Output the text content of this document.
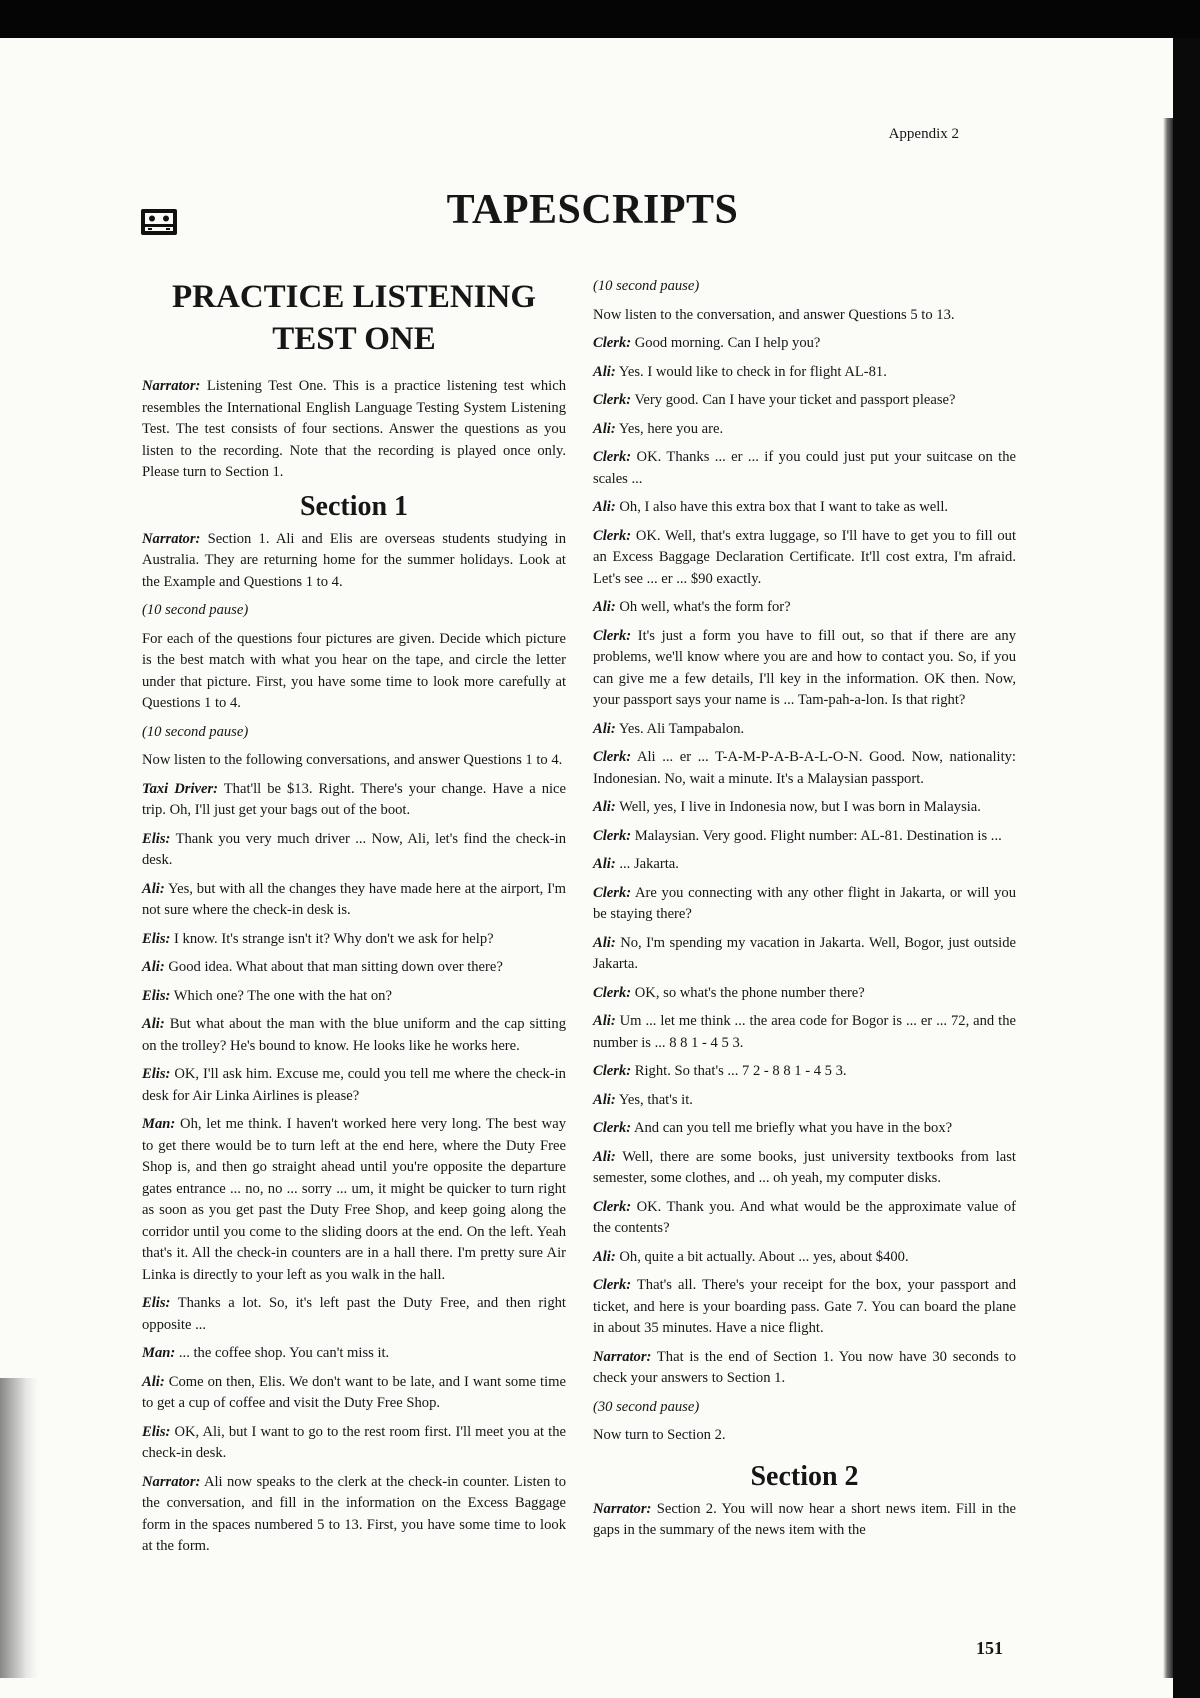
Appendix 2
TAPESCRIPTS
PRACTICE LISTENING
TEST ONE

Narrator: Listening Test One. This is a practice listening test which resembles the International English Language Testing System Listening Test. The test consists of four sections. Answer the questions as you listen to the recording. Note that the recording is played once only. Please turn to Section 1.

Section 1

Narrator: Section 1. Ali and Elis are overseas students studying in Australia. They are returning home for the summer holidays. Look at the Example and Questions 1 to 4.

(10 second pause)

For each of the questions four pictures are given. Decide which picture is the best match with what you hear on the tape, and circle the letter under that picture. First, you have some time to look more carefully at Questions 1 to 4.

(10 second pause)

Now listen to the following conversations, and answer Questions 1 to 4.

Taxi Driver: That'll be $13. Right. There's your change. Have a nice trip. Oh, I'll just get your bags out of the boot.

Elis: Thank you very much driver ... Now, Ali, let's find the check-in desk.

Ali: Yes, but with all the changes they have made here at the airport, I'm not sure where the check-in desk is.

Elis: I know. It's strange isn't it? Why don't we ask for help?

Ali: Good idea. What about that man sitting down over there?

Elis: Which one? The one with the hat on?

Ali: But what about the man with the blue uniform and the cap sitting on the trolley? He's bound to know. He looks like he works here.

Elis: OK, I'll ask him. Excuse me, could you tell me where the check-in desk for Air Linka Airlines is please?

Man: Oh, let me think. I haven't worked here very long. The best way to get there would be to turn left at the end here, where the Duty Free Shop is, and then go straight ahead until you're opposite the departure gates entrance ... no, no ... sorry ... um, it might be quicker to turn right as soon as you get past the Duty Free Shop, and keep going along the corridor until you come to the sliding doors at the end. On the left. Yeah that's it. All the check-in counters are in a hall there. I'm pretty sure Air Linka is directly to your left as you walk in the hall.

Elis: Thanks a lot. So, it's left past the Duty Free, and then right opposite ...

Man: ... the coffee shop. You can't miss it.

Ali: Come on then, Elis. We don't want to be late, and I want some time to get a cup of coffee and visit the Duty Free Shop.

Elis: OK, Ali, but I want to go to the rest room first. I'll meet you at the check-in desk.

Narrator: Ali now speaks to the clerk at the check-in counter. Listen to the conversation, and fill in the information on the Excess Baggage form in the spaces numbered 5 to 13. First, you have some time to look at the form.

(10 second pause)

Now listen to the conversation, and answer Questions 5 to 13.

Clerk: Good morning. Can I help you?

Ali: Yes. I would like to check in for flight AL-81.

Clerk: Very good. Can I have your ticket and passport please?

Ali: Yes, here you are.

Clerk: OK. Thanks ... er ... if you could just put your suitcase on the scales ...

Ali: Oh, I also have this extra box that I want to take as well.

Clerk: OK. Well, that's extra luggage, so I'll have to get you to fill out an Excess Baggage Declaration Certificate. It'll cost extra, I'm afraid. Let's see ... er ... $90 exactly.

Ali: Oh well, what's the form for?

Clerk: It's just a form you have to fill out, so that if there are any problems, we'll know where you are and how to contact you. So, if you can give me a few details, I'll key in the information. OK then. Now, your passport says your name is ... Tam-pah-a-lon. Is that right?

Ali: Yes. Ali Tampabalon.

Clerk: Ali ... er ... T-A-M-P-A-B-A-L-O-N. Good. Now, nationality: Indonesian. No, wait a minute. It's a Malaysian passport.

Ali: Well, yes, I live in Indonesia now, but I was born in Malaysia.

Clerk: Malaysian. Very good. Flight number: AL-81. Destination is ...

Ali: ... Jakarta.

Clerk: Are you connecting with any other flight in Jakarta, or will you be staying there?

Ali: No, I'm spending my vacation in Jakarta. Well, Bogor, just outside Jakarta.

Clerk: OK, so what's the phone number there?

Ali: Um ... let me think ... the area code for Bogor is ... er ... 72, and the number is ... 8 8 1 - 4 5 3.

Clerk: Right. So that's ... 7 2 - 8 8 1 - 4 5 3.

Ali: Yes, that's it.

Clerk: And can you tell me briefly what you have in the box?

Ali: Well, there are some books, just university textbooks from last semester, some clothes, and ... oh yeah, my computer disks.

Clerk: OK. Thank you. And what would be the approximate value of the contents?

Ali: Oh, quite a bit actually. About ... yes, about $400.

Clerk: That's all. There's your receipt for the box, your passport and ticket, and here is your boarding pass. Gate 7. You can board the plane in about 35 minutes. Have a nice flight.

Narrator: That is the end of Section 1. You now have 30 seconds to check your answers to Section 1.

(30 second pause)

Now turn to Section 2.

Section 2

Narrator: Section 2. You will now hear a short news item. Fill in the gaps in the summary of the news item with the

151
